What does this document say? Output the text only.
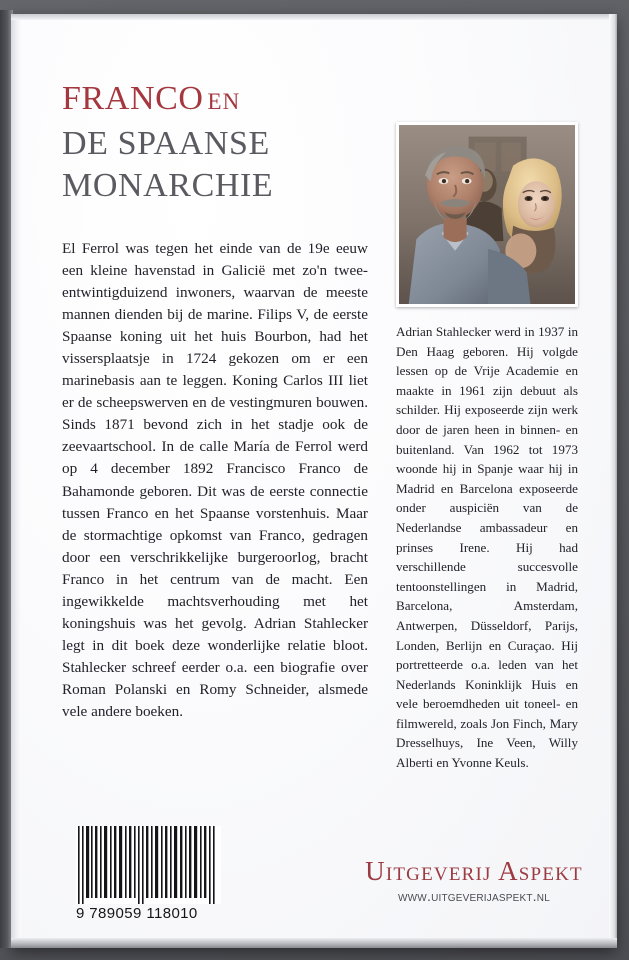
FRANCO EN
DE SPAANSE
MONARCHIE
El Ferrol was tegen het einde van de 19e eeuw een kleine havenstad in Galicië met zo'n twee-entwintigduizend inwoners, waarvan de meeste mannen dienden bij de marine. Filips V, de eerste Spaanse koning uit het huis Bourbon, had het vissersplaatsje in 1724 gekozen om er een marinebasis aan te leggen. Koning Carlos III liet er de scheepswerven en de vestingmuren bouwen. Sinds 1871 bevond zich in het stadje ook de zeevaartschool. In de calle María de Ferrol werd op 4 december 1892 Francisco Franco de Bahamonde geboren. Dit was de eerste connectie tussen Franco en het Spaanse vorstenhuis. Maar de stormachtige opkomst van Franco, gedragen door een verschrikkelijke burgeroorlog, bracht Franco in het centrum van de macht. Een ingewikkelde machtsverhouding met het koningshuis was het gevolg. Adrian Stahlecker legt in dit boek deze wonderlijke relatie bloot. Stahlecker schreef eerder o.a. een biografie over Roman Polanski en Romy Schneider, alsmede vele andere boeken.
Adrian Stahlecker werd in 1937 in Den Haag geboren. Hij volgde lessen op de Vrije Academie en maakte in 1961 zijn debuut als schilder. Hij exposeerde zijn werk door de jaren heen in binnen- en buitenland. Van 1962 tot 1973 woonde hij in Spanje waar hij in Madrid en Barcelona exposeerde onder auspiciën van de Nederlandse ambassadeur en prinses Irene. Hij had verschillende succesvolle tentoonstellingen in Madrid, Barcelona, Amsterdam, Antwerpen, Düsseldorf, Parijs, Londen, Berlijn en Curaçao. Hij portretteerde o.a. leden van het Nederlands Koninklijk Huis en vele beroemdheden uit toneel- en filmwereld, zoals Jon Finch, Mary Dresselhuys, Ine Veen, Willy Alberti en Yvonne Keuls.
9 789059 118010
Uitgeverij Aspekt
www.uitgeverijaspekt.nl
